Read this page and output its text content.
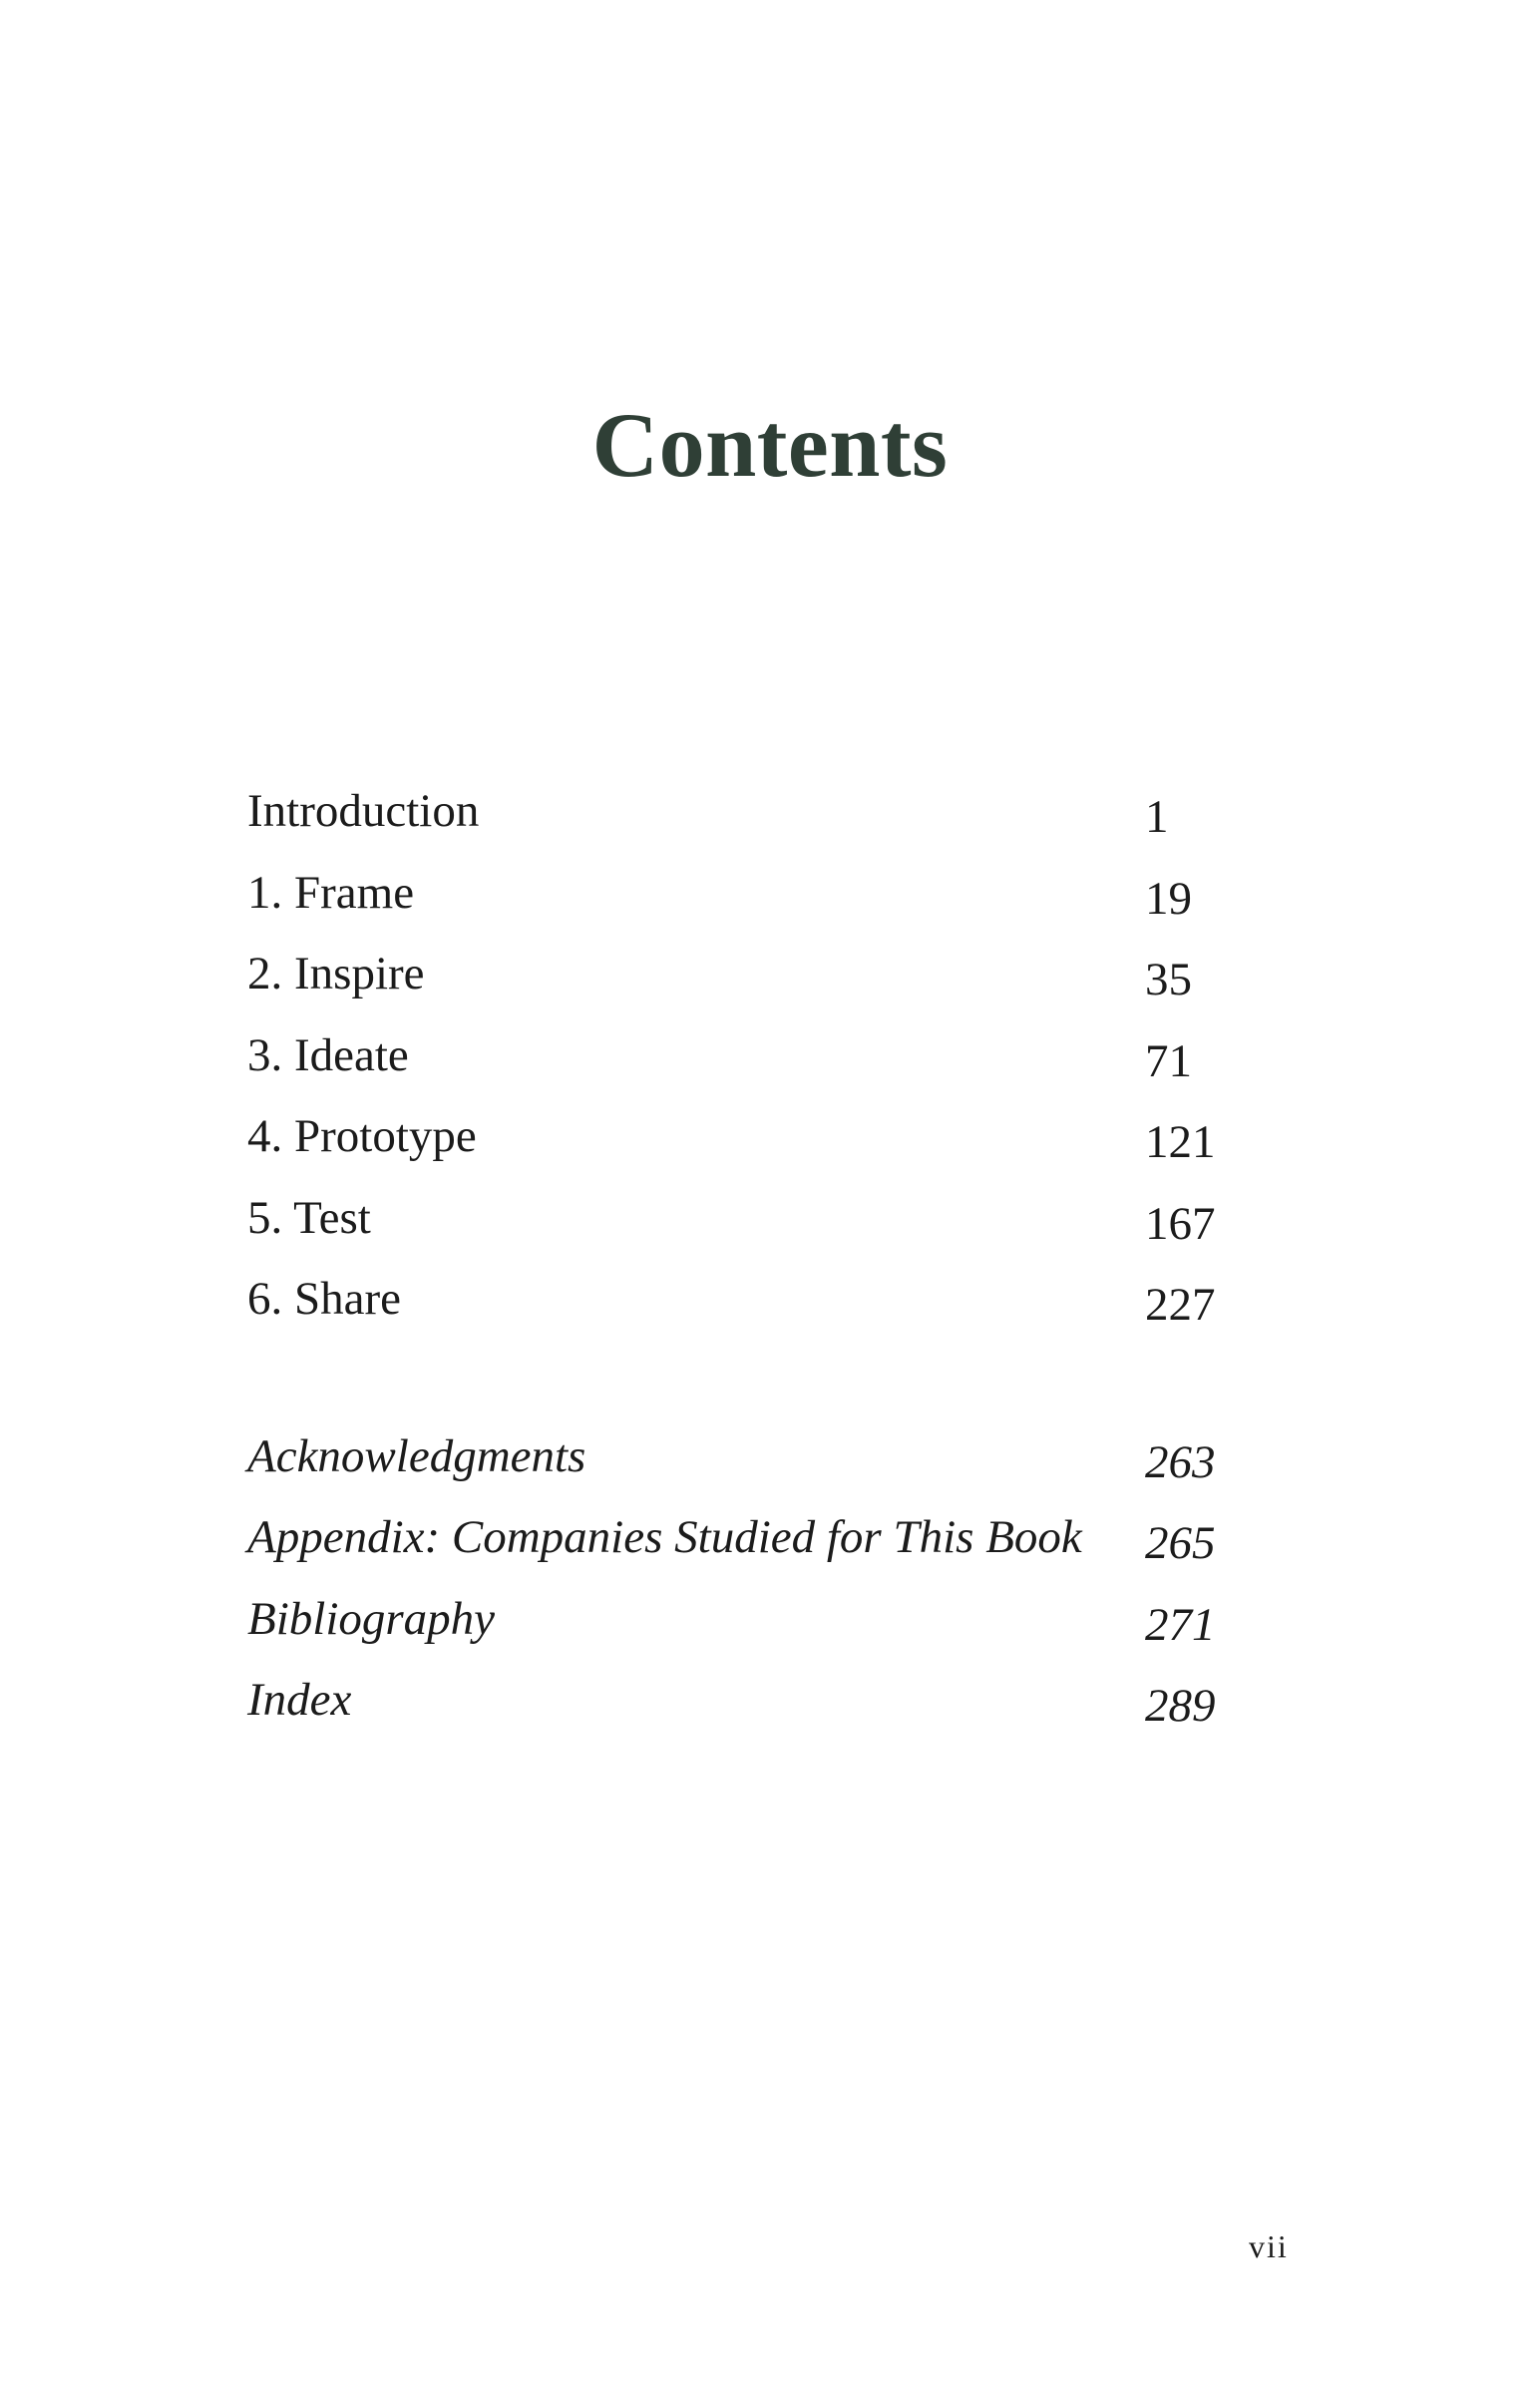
Contents
Introduction	1
1. Frame	19
2. Inspire	35
3. Ideate	71
4. Prototype	121
5. Test	167
6. Share	227
Acknowledgments	263
Appendix: Companies Studied for This Book 265
Bibliography	271
Index	289
vii
